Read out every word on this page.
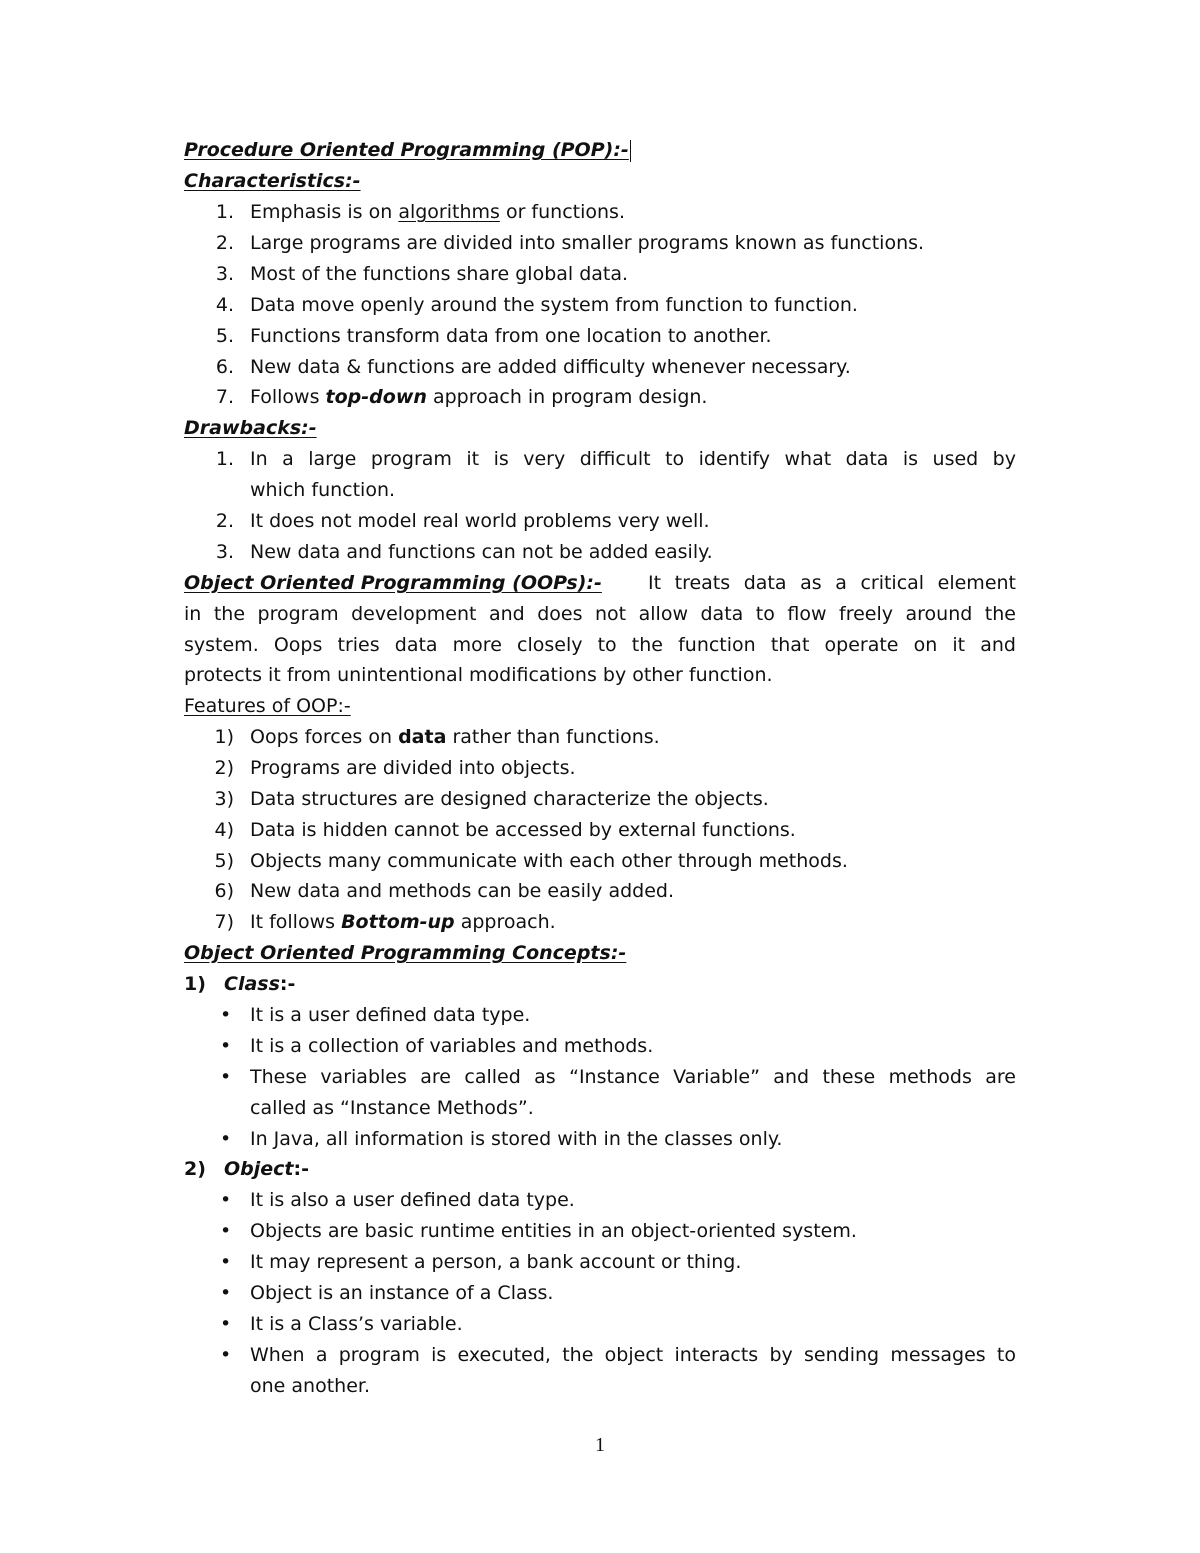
Procedure Oriented Programming (POP):-
Characteristics:-
1. Emphasis is on algorithms or functions.
2. Large programs are divided into smaller programs known as functions.
3. Most of the functions share global data.
4. Data move openly around the system from function to function.
5. Functions transform data from one location to another.
6. New data & functions are added difficulty whenever necessary.
7. Follows top-down approach in program design.
Drawbacks:-
1. In a large program it is very difficult to identify what data is used by
which function.
2. It does not model real world problems very well.
3. New data and functions can not be added easily.
Object Oriented Programming (OOPs):- It treats data as a critical element
in the program development and does not allow data to flow freely around the
system. Oops tries data more closely to the function that operate on it and
protects it from unintentional modifications by other function.
Features of OOP:-
1) Oops forces on data rather than functions.
2) Programs are divided into objects.
3) Data structures are designed characterize the objects.
4) Data is hidden cannot be accessed by external functions.
5) Objects many communicate with each other through methods.
6) New data and methods can be easily added.
7) It follows Bottom-up approach.
Object Oriented Programming Concepts:-
1) Class:-
• It is a user defined data type.
• It is a collection of variables and methods.
• These variables are called as “Instance Variable” and these methods are
called as “Instance Methods”.
• In Java, all information is stored with in the classes only.
2) Object:-
• It is also a user defined data type.
• Objects are basic runtime entities in an object-oriented system.
• It may represent a person, a bank account or thing.
• Object is an instance of a Class.
• It is a Class’s variable.
• When a program is executed, the object interacts by sending messages to
one another.
1
